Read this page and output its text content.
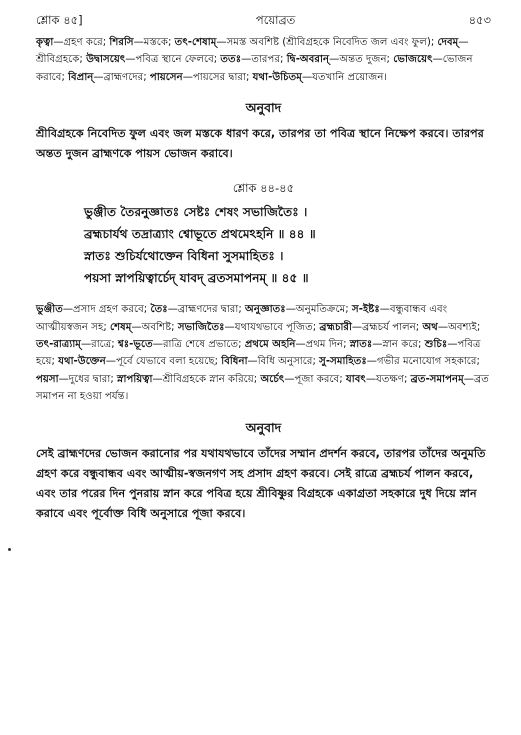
শ্লোক ৪৫]	পয়োব্রত	৪৫৩

কৃত্বা—গ্রহণ করে; শিরসি—মস্তকে; তৎ-শেষাম্—সমস্ত অবশিষ্ট (শ্রীবিগ্রহকে নিবেদিত জল এবং ফুল); দেবম্—শ্রীবিগ্রহকে; উদ্বাসয়েৎ—পবিত্র স্থানে ফেলবে; ততঃ—তারপর; দ্বি-অবরান্—অন্তত দুজন; ভোজয়েৎ—ভোজন করাবে; বিপ্রান্—ব্রাহ্মণদের; পায়সেন—পায়সের দ্বারা; যথা-উচিতম্—যতখানি প্রয়োজন।

অনুবাদ

শ্রীবিগ্রহকে নিবেদিত ফুল এবং জল মস্তকে ধারণ করে, তারপর তা পবিত্র স্থানে নিক্ষেপ করবে। তারপর অন্তত দুজন ব্রাহ্মণকে পায়স ভোজন করাবে।

শ্লোক ৪৪-৪৫
ভুঞ্জীত তৈরনুজ্ঞাতঃ সেষ্টঃ শেষং সভাজিতৈঃ ।
ব্রহ্মচার্যথ তদ্রাত্র্যাং শ্বোভূতে প্রথমেঽহনি ॥ ৪৪ ॥
স্নাতঃ শুচির্যথোক্তেন বিধিনা সুসমাহিতঃ ।
পয়সা স্নাপয়িত্বার্চেদ্ যাবদ্ ব্রতসমাপনম্ ॥ ৪৫ ॥

ভুঞ্জীত—প্রসাদ গ্রহণ করবে; তৈঃ—ব্রাহ্মণদের দ্বারা; অনুজ্ঞাতঃ—অনুমতিক্রমে; স-ইষ্টঃ—বন্ধুবান্ধব এবং আত্মীয়স্বজন সহ; শেষম্—অবশিষ্ট; সভাজিতৈঃ—যথাযথভাবে পূজিত; ব্রহ্মচারী—ব্রহ্মচর্য পালন; অথ—অবশ্যই; তৎ-রাত্র্যাম্—রাত্রে; শ্বঃ-ভূতে—রাত্রি শেষে প্রভাতে; প্রথমে অহনি—প্রথম দিন; স্নাতঃ—স্নান করে; শুচিঃ—পবিত্র হয়ে; যথা-উক্তেন—পূর্বে যেভাবে বলা হয়েছে; বিধিনা—বিধি অনুসারে; সু-সমাহিতঃ—গভীর মনোযোগ সহকারে; পয়সা—দুধের দ্বারা; স্নাপয়িত্বা—শ্রীবিগ্রহকে স্নান করিয়ে; অর্চেৎ—পূজা করবে; যাবৎ—যতক্ষণ; ব্রত-সমাপনম্—ব্রত সমাপন না হওয়া পর্যন্ত।

অনুবাদ

সেই ব্রাহ্মণদের ভোজন করানোর পর যথাযথভাবে তাঁদের সম্মান প্রদর্শন করবে, তারপর তাঁদের অনুমতি গ্রহণ করে বন্ধুবান্ধব এবং আত্মীয়-স্বজনগণ সহ প্রসাদ গ্রহণ করবে। সেই রাত্রে ব্রহ্মচর্য পালন করবে, এবং তার পরের দিন পুনরায় স্নান করে পবিত্র হয়ে শ্রীবিষ্ণুর বিগ্রহকে একাগ্রতা সহকারে দুধ দিয়ে স্নান করাবে এবং পূর্বোক্ত বিধি অনুসারে পূজা করবে।
